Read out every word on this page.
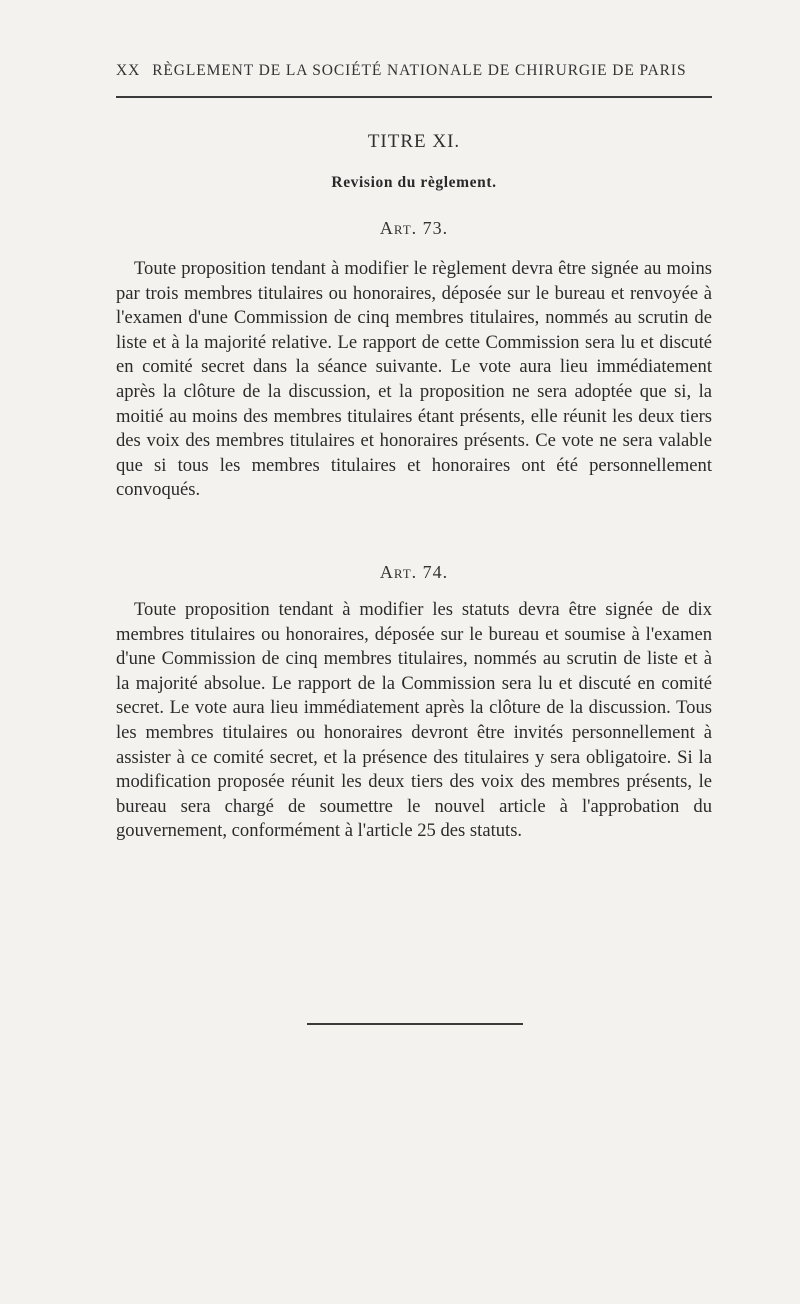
XX RÈGLEMENT DE LA SOCIÉTÉ NATIONALE DE CHIRURGIE DE PARIS
TITRE XI.
Revision du règlement.
Art. 73.
Toute proposition tendant à modifier le règlement devra être signée au moins par trois membres titulaires ou honoraires, déposée sur le bureau et renvoyée à l'examen d'une Commission de cinq membres titulaires, nommés au scrutin de liste et à la majorité relative. Le rapport de cette Commission sera lu et discuté en comité secret dans la séance suivante. Le vote aura lieu immédiatement après la clôture de la discussion, et la proposition ne sera adoptée que si, la moitié au moins des membres titulaires étant présents, elle réunit les deux tiers des voix des membres titulaires et honoraires présents. Ce vote ne sera valable que si tous les membres titulaires et honoraires ont été personnellement convoqués.
Art. 74.
Toute proposition tendant à modifier les statuts devra être signée de dix membres titulaires ou honoraires, déposée sur le bureau et soumise à l'examen d'une Commission de cinq membres titulaires, nommés au scrutin de liste et à la majorité absolue. Le rapport de la Commission sera lu et discuté en comité secret. Le vote aura lieu immédiatement après la clôture de la discussion. Tous les membres titulaires ou honoraires devront être invités personnellement à assister à ce comité secret, et la présence des titulaires y sera obligatoire. Si la modification proposée réunit les deux tiers des voix des membres présents, le bureau sera chargé de soumettre le nouvel article à l'approbation du gouvernement, conformément à l'article 25 des statuts.
